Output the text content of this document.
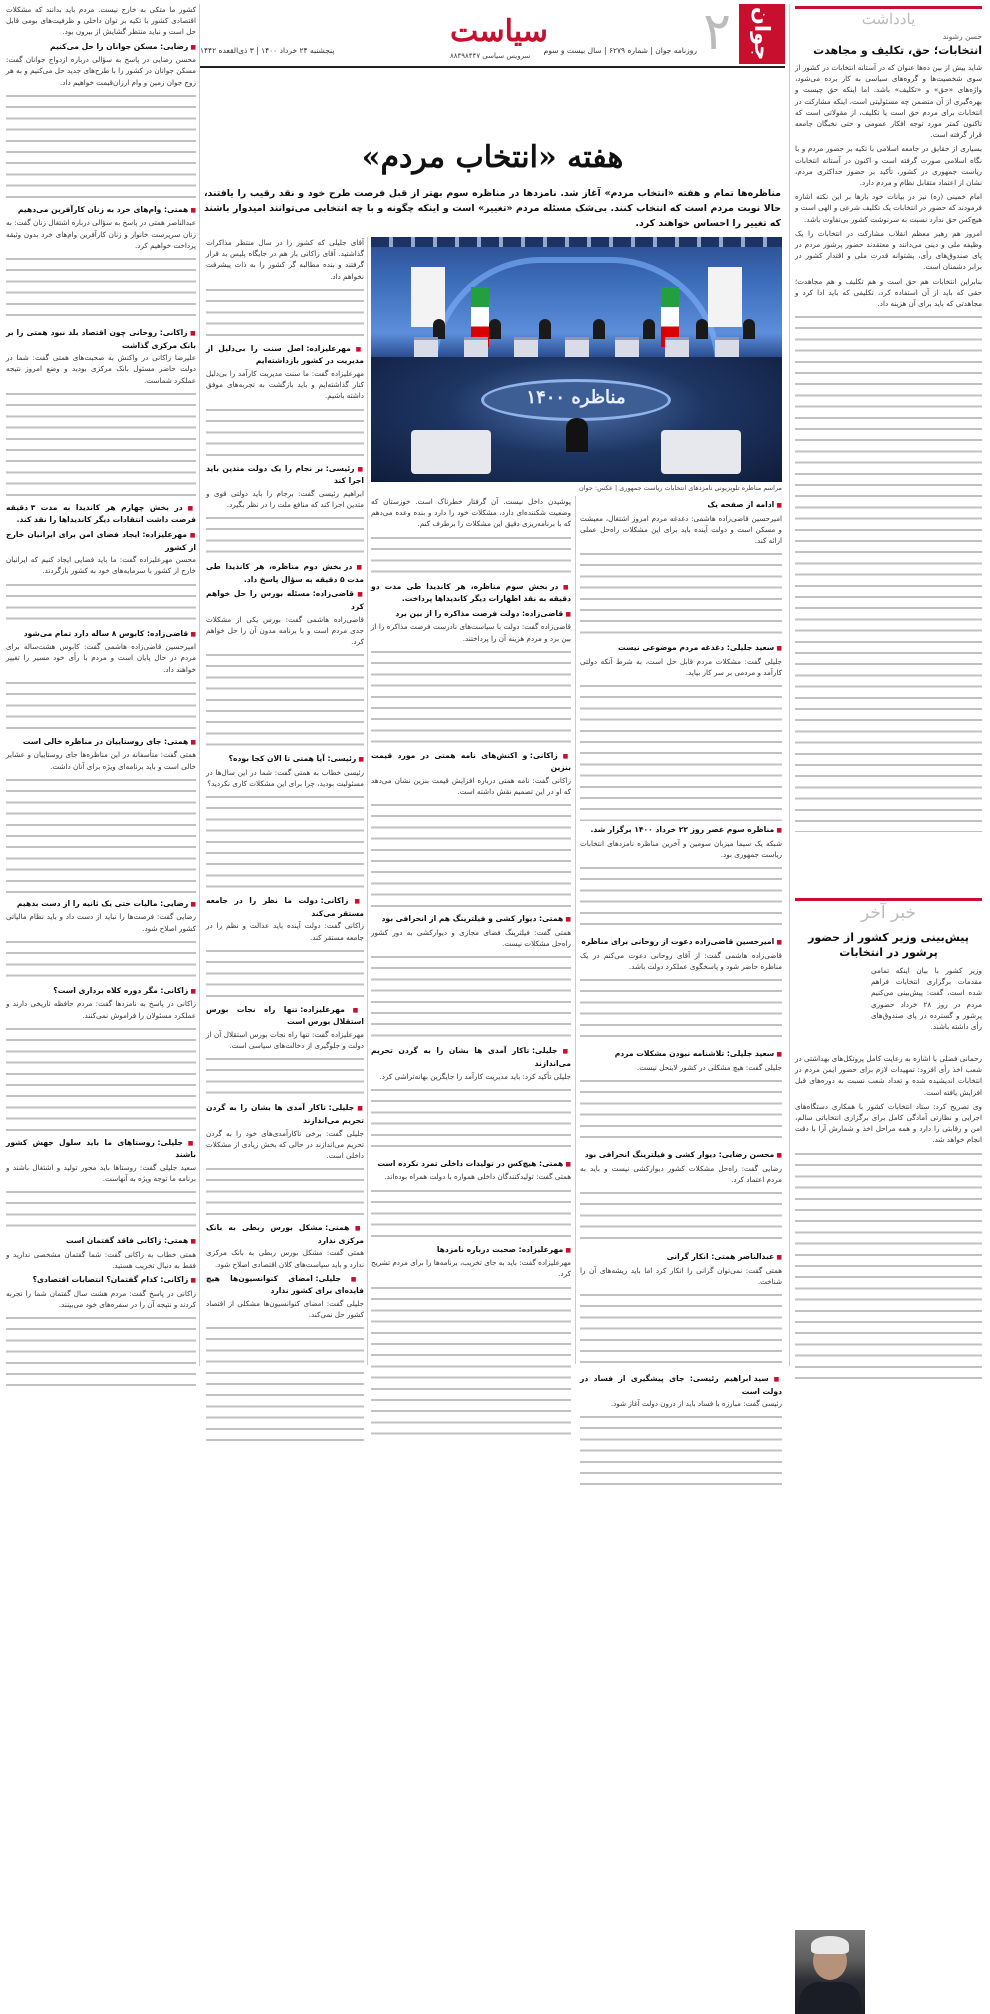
یادداشت
حسن رشوند
انتخابات؛ حق، تکلیف و مجاهدت

شاید بیش از بین ده‌ها عنوان که در آستانه انتخابات در کشور از سوی شخصیت‌ها و گروه‌های سیاسی به کار برده می‌شود، واژه‌های «حق» و «تکلیف» باشد. اما اینکه حق چیست و بهره‌گیری از آن متضمن چه مسئولیتی است، اینکه مشارکت در انتخابات برای مردم حق است یا تکلیف، از مقولاتی است که تاکنون کمتر مورد توجه افکار عمومی و حتی نخبگان جامعه قرار گرفته است.

بسیاری از حقایق در جامعه اسلامی با تکیه بر حضور مردم و با نگاه اسلامی صورت گرفته است و اکنون در آستانه انتخابات ریاست جمهوری در کشور، تأکید بر حضور حداکثری مردم، نشان از اعتماد متقابل نظام و مردم دارد.

امام خمینی (ره) نیز در بیانات خود بارها بر این نکته اشاره فرمودند که حضور در انتخابات یک تکلیف شرعی و الهی است و هیچ‌کس حق ندارد نسبت به سرنوشت کشور بی‌تفاوت باشد.

امروز هم رهبر معظم انقلاب مشارکت در انتخابات را یک وظیفه ملی و دینی می‌دانند و معتقدند حضور پرشور مردم در پای صندوق‌های رأی، پشتوانه قدرت ملی و اقتدار کشور در برابر دشمنان است.

بنابراین انتخابات هم حق است و هم تکلیف و هم مجاهدت؛ حقی که باید از آن استفاده کرد، تکلیفی که باید ادا کرد و مجاهدتی که باید برای آن هزینه داد.

خبر آخر
پیش‌بینی وزیر کشور از حضور پرشور در انتخابات

وزیر کشور با بیان اینکه تمامی مقدمات برگزاری انتخابات فراهم شده است، گفت: پیش‌بینی می‌کنیم مردم در روز ۲۸ خرداد حضوری پرشور و گسترده در پای صندوق‌های رأی داشته باشند.

رحمانی فضلی با اشاره به رعایت کامل پروتکل‌های بهداشتی در شعب اخذ رأی افزود: تمهیدات لازم برای حضور ایمن مردم در انتخابات اندیشیده شده و تعداد شعب نسبت به دوره‌های قبل افزایش یافته است.

وی تصریح کرد: ستاد انتخابات کشور با همکاری دستگاه‌های اجرایی و نظارتی آمادگی کامل برای برگزاری انتخاباتی سالم، امن و رقابتی را دارد و همه مراحل اخذ و شمارش آرا با دقت انجام خواهد شد.

جوان
۲
روزنامه جوان | شماره ۶۲۷۹ | سال بیست و سوم
سیاست
سرویس سیاسی ۸۸۴۹۸۴۴۷
پنجشنبه ۲۴ خرداد ۱۴۰۰ | ۳ ذی‌القعده ۱۴۴۲
هفته «انتخاب مردم»
مناظره‌ها تمام و هفته «انتخاب مردم» آغاز شد. نامزدها در مناظره سوم بهتر از قبل فرصت طرح خود و نقد رقیب را یافتند، حالا نوبت مردم است که انتخاب کنند. بی‌شک مسئله مردم «تغییر» است و اینکه چگونه و با چه انتخابی می‌توانند امیدوار باشند که تغییر را احساس خواهند کرد.
مناظره ۱۴۰۰
مراسم مناظره تلویزیونی نامزدهای انتخابات ریاست جمهوری | عکس: جوان

کشور ما متکی به خارج نیست. مردم باید بدانند که مشکلات اقتصادی کشور با تکیه بر توان داخلی و ظرفیت‌های بومی قابل حل است و نباید منتظر گشایش از بیرون بود.

■ رضایی: مسکن جوانان را حل می‌کنیم

محسن رضایی در پاسخ به سؤالی درباره ازدواج جوانان گفت: مسکن جوانان در کشور را با طرح‌های جدید حل می‌کنیم و به هر زوج جوان زمین و وام ارزان‌قیمت خواهیم داد.

■ همتی: وام‌های خرد به زنان کارآفرین می‌دهیم

عبدالناصر همتی در پاسخ به سؤالی درباره اشتغال زنان گفت: به زنان سرپرست خانوار و زنان کارآفرین وام‌های خرد بدون وثیقه پرداخت خواهیم کرد.

■ زاکانی: روحانی چون اقتصاد بلد نبود همتی را بر بانک مرکزی گذاشت

علیرضا زاکانی در واکنش به صحبت‌های همتی گفت: شما در دولت حاضر مسئول بانک مرکزی بودید و وضع امروز نتیجه عملکرد شماست.

■ در بخش چهارم هر کاندیدا به مدت ۳ دقیقه فرصت داشت انتقادات دیگر کاندیداها را نقد کند.
■ مهرعلیزاده: ایجاد فضای امن برای ایرانیان خارج از کشور

محسن مهرعلیزاده گفت: ما باید فضایی ایجاد کنیم که ایرانیان خارج از کشور با سرمایه‌های خود به کشور بازگردند.

■ قاضی‌زاده: کابوس ۸ ساله دارد تمام می‌شود

امیرحسین قاضی‌زاده هاشمی گفت: کابوس هشت‌ساله برای مردم در حال پایان است و مردم با رأی خود مسیر را تغییر خواهند داد.

■ همتی: جای روستاییان در مناظره خالی است

همتی گفت: متأسفانه در این مناظره‌ها جای روستاییان و عشایر خالی است و باید برنامه‌ای ویژه برای آنان داشت.

■ رضایی: مالیات حتی یک ثانیه را از دست بدهیم

رضایی گفت: فرصت‌ها را نباید از دست داد و باید نظام مالیاتی کشور اصلاح شود.

■ زاکانی: مگر دوره کلاه برداری است؟

زاکانی در پاسخ به نامزدها گفت: مردم حافظه تاریخی دارند و عملکرد مسئولان را فراموش نمی‌کنند.

■ جلیلی: روستاهای ما باید سلول جهش کشور باشند

سعید جلیلی گفت: روستاها باید محور تولید و اشتغال باشند و برنامه ما توجه ویژه به آنهاست.

■ همتی: زاکانی فاقد گفتمان است

همتی خطاب به زاکانی گفت: شما گفتمان مشخصی ندارید و فقط به دنبال تخریب هستید.

■ زاکانی: کدام گفتمان؟ انتصابات اقتصادی؟

زاکانی در پاسخ گفت: مردم هشت سال گفتمان شما را تجربه کردند و نتیجه آن را در سفره‌های خود می‌بینند.

آقای جلیلی که کشور را در سال منتظر مذاکرات گذاشتید. آقای زاکانی باز هم در جایگاه پلیس بد قرار گرفتند و بنده مطالبه گر کشور را به ذات پیشرفت نخواهم داد.

■ مهرعلیزاده: اصل سنت را بی‌دلیل از مدیریت در کشور بازداشته‌ایم

مهرعلیزاده گفت: ما سنت مدیریت کارآمد را بی‌دلیل کنار گذاشته‌ایم و باید بازگشت به تجربه‌های موفق داشته باشیم.

■ رئیسی: بر نجام را یک دولت متدین باید اجرا کند

ابراهیم رئیسی گفت: برجام را باید دولتی قوی و متدین اجرا کند که منافع ملت را در نظر بگیرد.

■ در بخش دوم مناظره، هر کاندیدا طی مدت ۵ دقیقه به سؤال پاسخ داد.
■ قاضی‌زاده: مسئله بورس را حل خواهم کرد

قاضی‌زاده هاشمی گفت: بورس یکی از مشکلات جدی مردم است و با برنامه مدون آن را حل خواهم کرد.

■ رئیسی: آیا همتی تا الان کجا بوده؟

رئیسی خطاب به همتی گفت: شما در این سال‌ها در مسئولیت بودید، چرا برای این مشکلات کاری نکردید؟

■ زاکانی: دولت ما نظر را در جامعه مستقر می‌کند

زاکانی گفت: دولت آینده باید عدالت و نظم را در جامعه مستقر کند.

■ مهرعلیزاده: تنها راه نجات بورس استقلال بورس است

مهرعلیزاده گفت: تنها راه نجات بورس استقلال آن از دولت و جلوگیری از دخالت‌های سیاسی است.

■ جلیلی: تاکار آمدی ها بشان را به گردن تحریم می‌اندازند

جلیلی گفت: برخی ناکارآمدی‌های خود را به گردن تحریم می‌اندازند در حالی که بخش زیادی از مشکلات داخلی است.

■ همتی: مشکل بورس ربطی به بانک مرکزی ندارد

همتی گفت: مشکل بورس ربطی به بانک مرکزی ندارد و باید سیاست‌های کلان اقتصادی اصلاح شود.

■ جلیلی: امضای کنوانسیون‌ها هیچ فایده‌ای برای کشور ندارد

جلیلی گفت: امضای کنوانسیون‌ها مشکلی از اقتصاد کشور حل نمی‌کند.

پوشیدن داخل نیست. آن گرفتار خطرناک است. خوزستان که وضعیت شکننده‌ای دارد، مشکلات خود را دارد و بنده وعده می‌دهم که با برنامه‌ریزی دقیق این مشکلات را برطرف کنم.

■ در بخش سوم مناظره، هر کاندیدا طی مدت دو دقیقه به نقد اظهارات دیگر کاندیداها پرداخت.
■ قاضی‌زاده: دولت فرصت مذاکره را از بین برد

قاضی‌زاده گفت: دولت با سیاست‌های نادرست فرصت مذاکره را از بین برد و مردم هزینه آن را پرداختند.

■ زاکانی: و اکنش‌های نامه همتی در مورد قیمت بنزین

زاکانی گفت: نامه همتی درباره افزایش قیمت بنزین نشان می‌دهد که او در این تصمیم نقش داشته است.

■ همتی: دیوار کشی و فیلترینگ هم از انحرافی بود

همتی گفت: فیلترینگ فضای مجازی و دیوارکشی به دور کشور راه‌حل مشکلات نیست.

■ جلیلی: تاکار آمدی ها بشان را به گردن تحریم می‌اندازند

جلیلی تأکید کرد: باید مدیریت کارآمد را جایگزین بهانه‌تراشی کرد.

■ همتی: هیچ‌کس در تولیدات داخلی تمرد نکرده است

همتی گفت: تولیدکنندگان داخلی همواره با دولت همراه بوده‌اند.

■ مهرعلیزاده: صحبت درباره نامزدها

مهرعلیزاده گفت: باید به جای تخریب، برنامه‌ها را برای مردم تشریح کرد.

■ ادامه از صفحه یک

امیرحسین قاضی‌زاده هاشمی: دغدغه مردم امروز اشتغال، معیشت و مسکن است و دولت آینده باید برای این مشکلات راه‌حل عملی ارائه کند.

■ سعید جلیلی: دغدغه مردم موضوعی نیست

جلیلی گفت: مشکلات مردم قابل حل است، به شرط آنکه دولتی کارآمد و مردمی بر سر کار بیاید.

■ مناظره سوم عصر روز ۲۲ خرداد ۱۴۰۰ برگزار شد.

شبکه یک سیما میزبان سومین و آخرین مناظره نامزدهای انتخابات ریاست جمهوری بود.

■ امیرحسین قاضی‌زاده دعوت از روحانی برای مناظره

قاضی‌زاده هاشمی گفت: از آقای روحانی دعوت می‌کنم در یک مناظره حاضر شود و پاسخگوی عملکرد دولت باشد.

■ سعید جلیلی: تلاشنامه نبودن مشکلات مردم

جلیلی گفت: هیچ مشکلی در کشور لاینحل نیست.

■ محسن رضایی: دیوار کشی و فیلترینگ انحرافی بود

رضایی گفت: راه‌حل مشکلات کشور دیوارکشی نیست و باید به مردم اعتماد کرد.

■ عبدالناصر همتی: انکار گرانی

همتی گفت: نمی‌توان گرانی را انکار کرد اما باید ریشه‌های آن را شناخت.

■ سید ابراهیم رئیسی: جای پیشگیری از فساد در دولت است

رئیسی گفت: مبارزه با فساد باید از درون دولت آغاز شود.
